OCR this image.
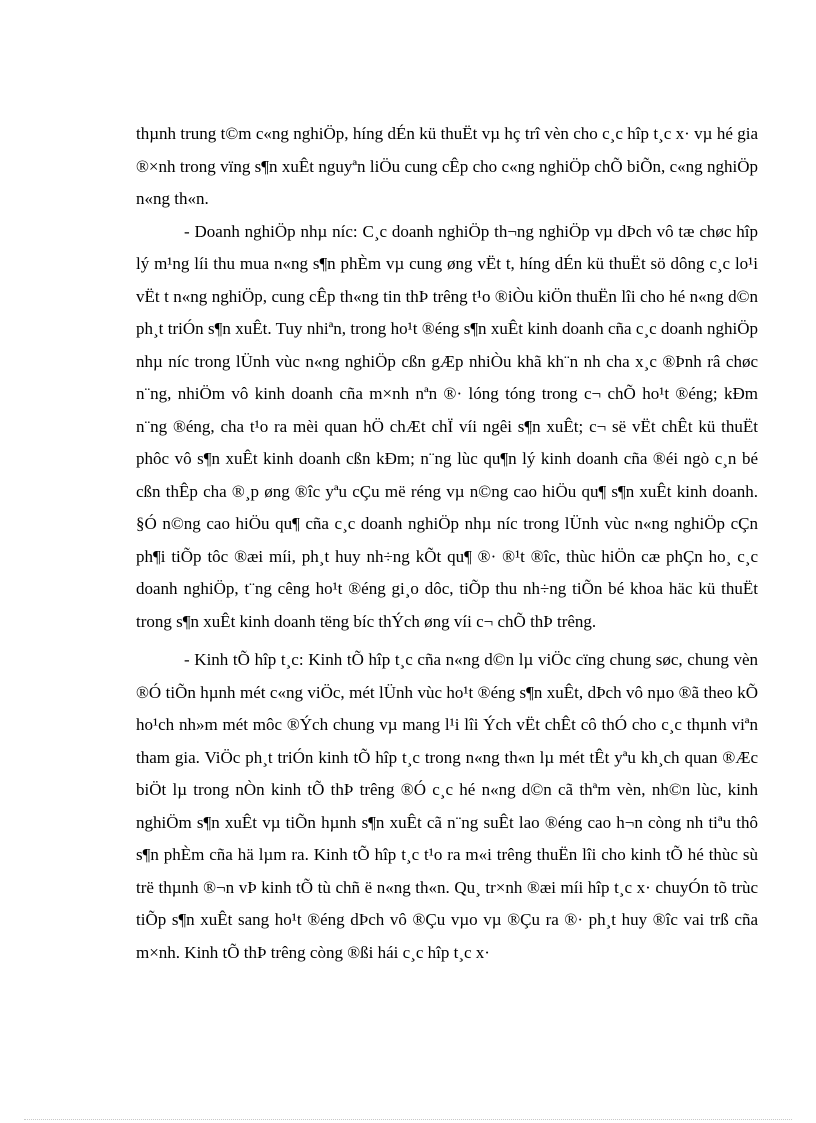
thµnh trung t©m c«ng nghiÖp, híng dÉn kü thuËt vµ hç trî vèn cho c¸c hîp t¸c x· vµ hé gia ®×nh trong vïng s¶n xuÊt nguyªn liÖu cung cÊp cho c«ng nghiÖp chÕ biÕn, c«ng nghiÖp n«ng th«n.

- Doanh nghiÖp nhµ níc: C¸c doanh nghiÖp th¬ng nghiÖp vµ dÞch vô tæ chøc hîp lý m¹ng líi thu mua n«ng s¶n phÈm vµ cung øng vËt t, híng dÉn kü thuËt sö dông c¸c lo¹i vËt t n«ng nghiÖp, cung cÊp th«ng tin thÞ trêng t¹o ®iÒu kiÖn thuËn lîi cho hé n«ng d©n ph¸t triÓn s¶n xuÊt. Tuy nhiªn, trong ho¹t ®éng s¶n xuÊt kinh doanh cña c¸c doanh nghiÖp nhµ níc trong lÜnh vùc n«ng nghiÖp cßn gÆp nhiÒu khã kh¨n nh cha x¸c ®Þnh râ chøc n¨ng, nhiÖm vô kinh doanh cña m×nh nªn ®· lóng tóng trong c¬ chÕ ho¹t ®éng; kÐm n¨ng ®éng, cha t¹o ra mèi quan hÖ chÆt chÏ víi ngêi s¶n xuÊt; c¬ së vËt chÊt kü thuËt phôc vô s¶n xuÊt kinh doanh cßn kÐm; n¨ng lùc qu¶n lý kinh doanh cña ®éi ngò c¸n bé cßn thÊp cha ®¸p øng ®îc yªu cÇu më réng vµ n©ng cao hiÖu qu¶ s¶n xuÊt kinh doanh. §Ó n©ng cao hiÖu qu¶ cña c¸c doanh nghiÖp nhµ níc trong lÜnh vùc n«ng nghiÖp cÇn ph¶i tiÕp tôc ®æi míi, ph¸t huy nh÷ng kÕt qu¶ ®· ®¹t ®îc, thùc hiÖn cæ phÇn ho¸ c¸c doanh nghiÖp, t¨ng cêng ho¹t ®éng gi¸o dôc, tiÕp thu nh÷ng tiÕn bé khoa häc kü thuËt trong s¶n xuÊt kinh doanh tëng bíc thÝch øng víi c¬ chÕ thÞ trêng.

- Kinh tÕ hîp t¸c: Kinh tÕ hîp t¸c cña n«ng d©n lµ viÖc cïng chung søc, chung vèn ®Ó tiÕn hµnh mét c«ng viÖc, mét lÜnh vùc ho¹t ®éng s¶n xuÊt, dÞch vô nµo ®ã theo kÕ ho¹ch nh»m mét môc ®Ých chung vµ mang l¹i lîi Ých vËt chÊt cô thÓ cho c¸c thµnh viªn tham gia. ViÖc ph¸t triÓn kinh tÕ hîp t¸c trong n«ng th«n lµ mét tÊt yªu kh¸ch quan ®Æc biÖt lµ trong nÒn kinh tÕ thÞ trêng ®Ó c¸c hé n«ng d©n cã thªm vèn, nh©n lùc, kinh nghiÖm s¶n xuÊt vµ tiÕn hµnh s¶n xuÊt cã n¨ng suÊt lao ®éng cao h¬n còng nh tiªu thô s¶n phÈm cña hä lµm ra. Kinh tÕ hîp t¸c t¹o ra m«i trêng thuËn lîi cho kinh tÕ hé thùc sù trë thµnh ®¬n vÞ kinh tÕ tù chñ ë n«ng th«n. Qu¸ tr×nh ®æi míi hîp t¸c x· chuyÓn tõ trùc tiÕp s¶n xuÊt sang ho¹t ®éng dÞch vô ®Çu vµo vµ ®Çu ra ®· ph¸t huy ®îc vai trß cña m×nh. Kinh tÕ thÞ trêng còng ®ßi hái c¸c hîp t¸c x·
